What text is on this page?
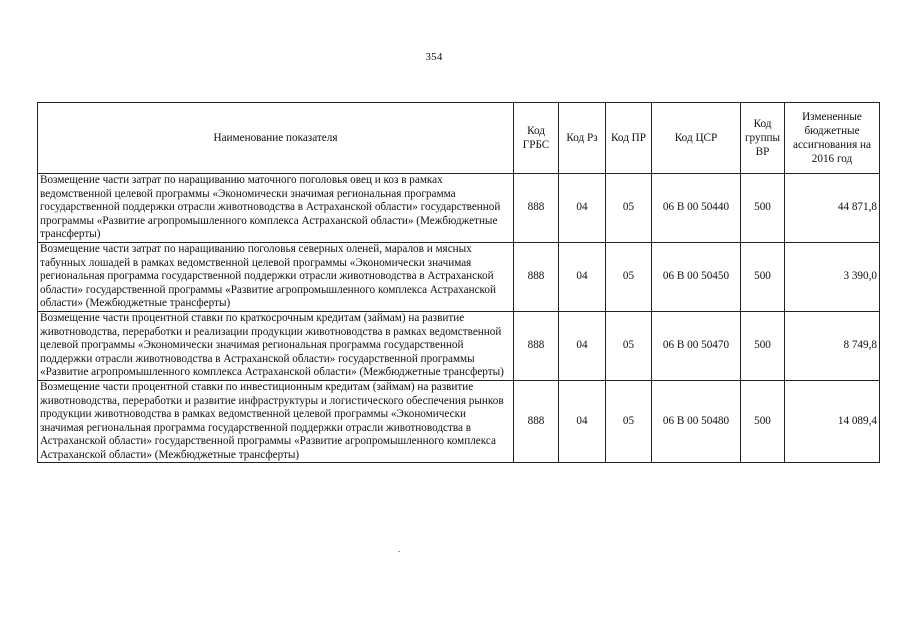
354
Наименование показателя	Код ГРБС	Код Рз	Код ПР	Код ЦСР	Код группы ВР	Измененные бюджетные ассигнования на 2016 год
Возмещение части затрат по наращиванию маточного поголовья овец и коз в рамках ведомственной целевой программы «Экономически значимая региональная программа государственной поддержки отрасли животноводства в Астраханской области» государственной программы «Развитие агропромышленного комплекса Астраханской области» (Межбюджетные трансферты)	888	04	05	06 В 00 50440	500	44 871,8
Возмещение части затрат по наращиванию поголовья северных оленей, маралов и мясных табунных лошадей в рамках ведомственной целевой программы «Экономически значимая региональная программа государственной поддержки отрасли животноводства в Астраханской области» государственной программы «Развитие агропромышленного комплекса Астраханской области» (Межбюджетные трансферты)	888	04	05	06 В 00 50450	500	3 390,0
Возмещение части процентной ставки по краткосрочным кредитам (займам) на развитие животноводства, переработки и реализации продукции животноводства в рамках ведомственной целевой программы «Экономически значимая региональная программа государственной поддержки отрасли животноводства в Астраханской области» государственной программы «Развитие агропромышленного комплекса Астраханской области» (Межбюджетные трансферты)	888	04	05	06 В 00 50470	500	8 749,8
Возмещение части процентной ставки по инвестиционным кредитам (займам) на развитие животноводства, переработки и развитие инфраструктуры и логистического обеспечения рынков продукции животноводства в рамках ведомственной целевой программы «Экономически значимая региональная программа государственной поддержки отрасли животноводства в Астраханской области» государственной программы «Развитие агропромышленного комплекса Астраханской области» (Межбюджетные трансферты)	888	04	05	06 В 00 50480	500	14 089,4
